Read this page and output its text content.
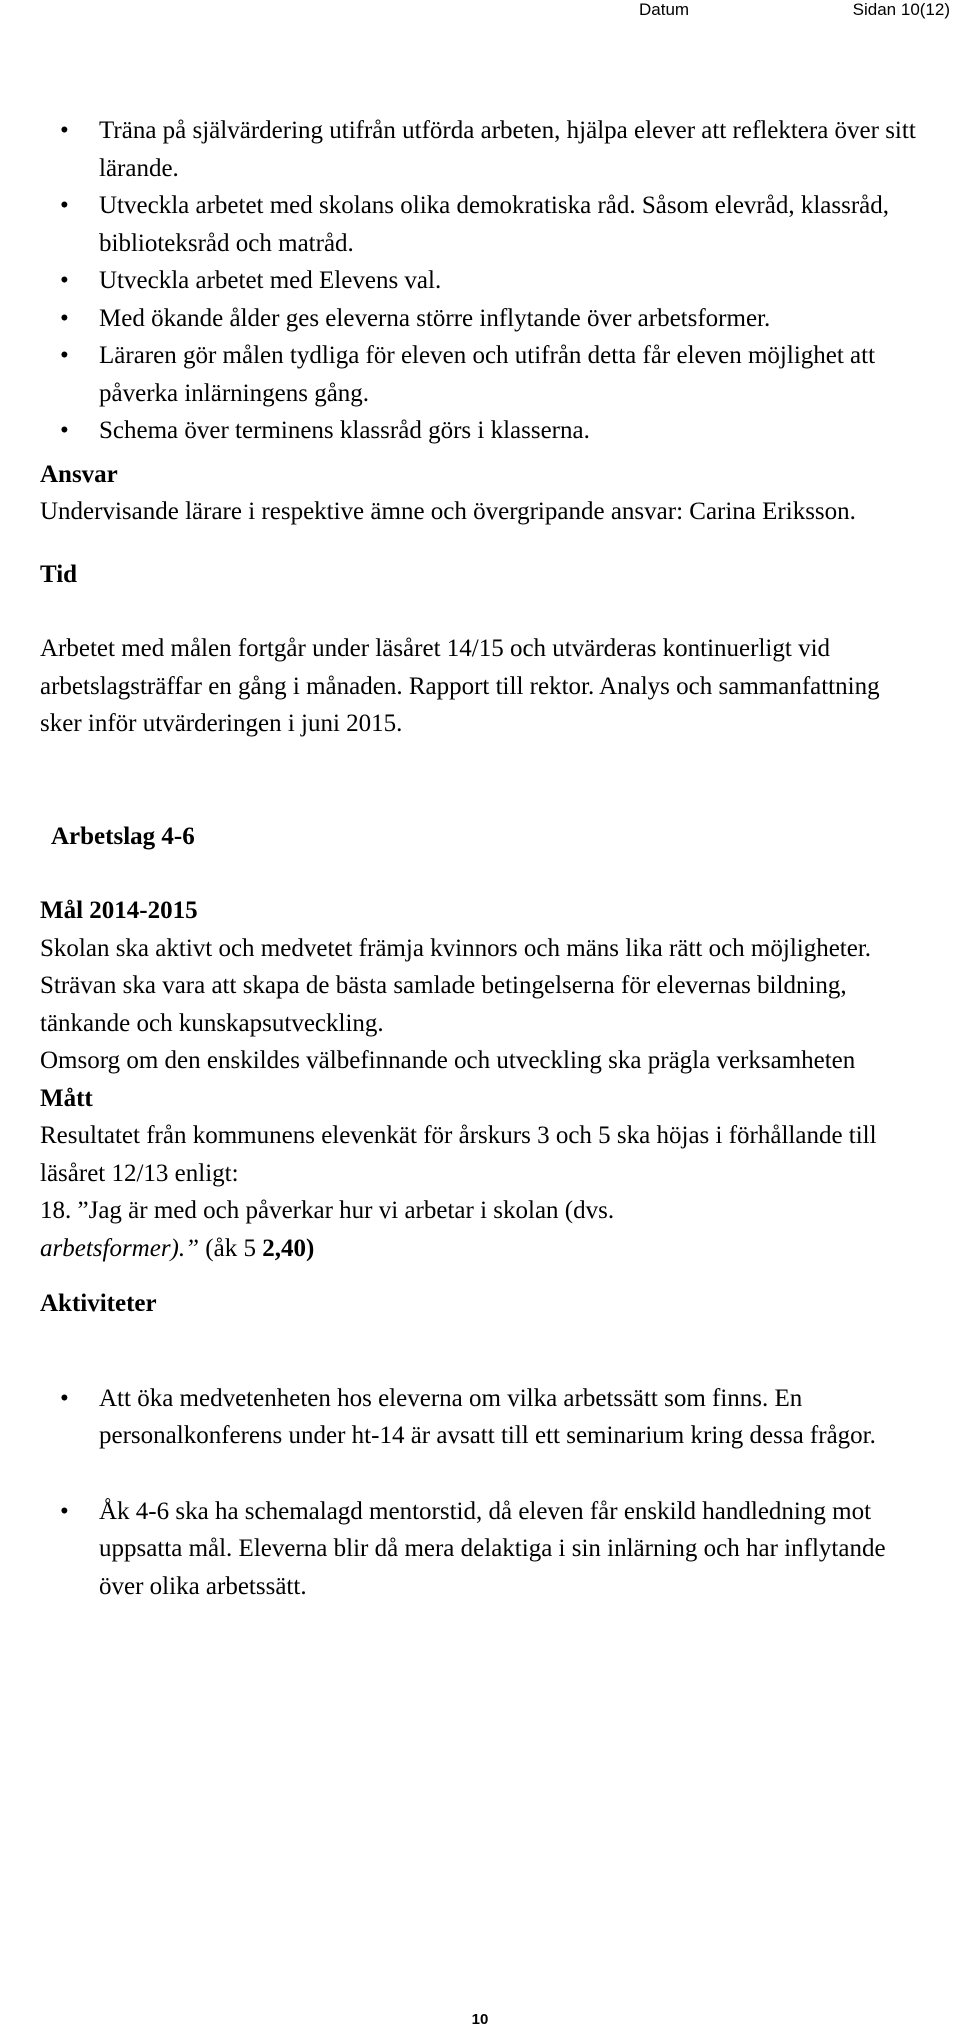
Datum	Sidan 10(12)
• Träna på självärdering utifrån utförda arbeten, hjälpa elever att reflektera över sitt lärande.
• Utveckla arbetet med skolans olika demokratiska råd. Såsom elevråd, klassråd, biblioteksråd och matråd.
• Utveckla arbetet med Elevens val.
• Med ökande ålder ges eleverna större inflytande över arbetsformer.
• Läraren gör målen tydliga för eleven och utifrån detta får eleven möjlighet att påverka inlärningens gång.
• Schema över terminens klassråd görs i klasserna.

Ansvar

Undervisande lärare i respektive ämne och övergripande ansvar: Carina Eriksson.

Tid

Arbetet med målen fortgår under läsåret 14/15 och utvärderas kontinuerligt vid arbetslagsträffar en gång i månaden. Rapport till rektor. Analys och sammanfattning sker inför utvärderingen i juni 2015.

Arbetslag 4-6

Mål 2014-2015

Skolan ska aktivt och medvetet främja kvinnors och mäns lika rätt och möjligheter.

Strävan ska vara att skapa de bästa samlade betingelserna för elevernas bildning, tänkande och kunskapsutveckling.

Omsorg om den enskildes välbefinnande och utveckling ska prägla verksamheten

Mått

Resultatet från kommunens elevenkät för årskurs 3 och 5 ska höjas i förhållande till läsåret 12/13 enligt:

18. ”Jag är med och påverkar hur vi arbetar i skolan (dvs.
arbetsformer).” (åk 5 2,40)

Aktiviteter

• Att öka medvetenheten hos eleverna om vilka arbetssätt som finns. En personalkonferens under ht-14 är avsatt till ett seminarium kring dessa frågor.
• Åk 4-6 ska ha schemalagd mentorstid, då eleven får enskild handledning mot uppsatta mål. Eleverna blir då mera delaktiga i sin inlärning och har inflytande över olika arbetssätt.
10
